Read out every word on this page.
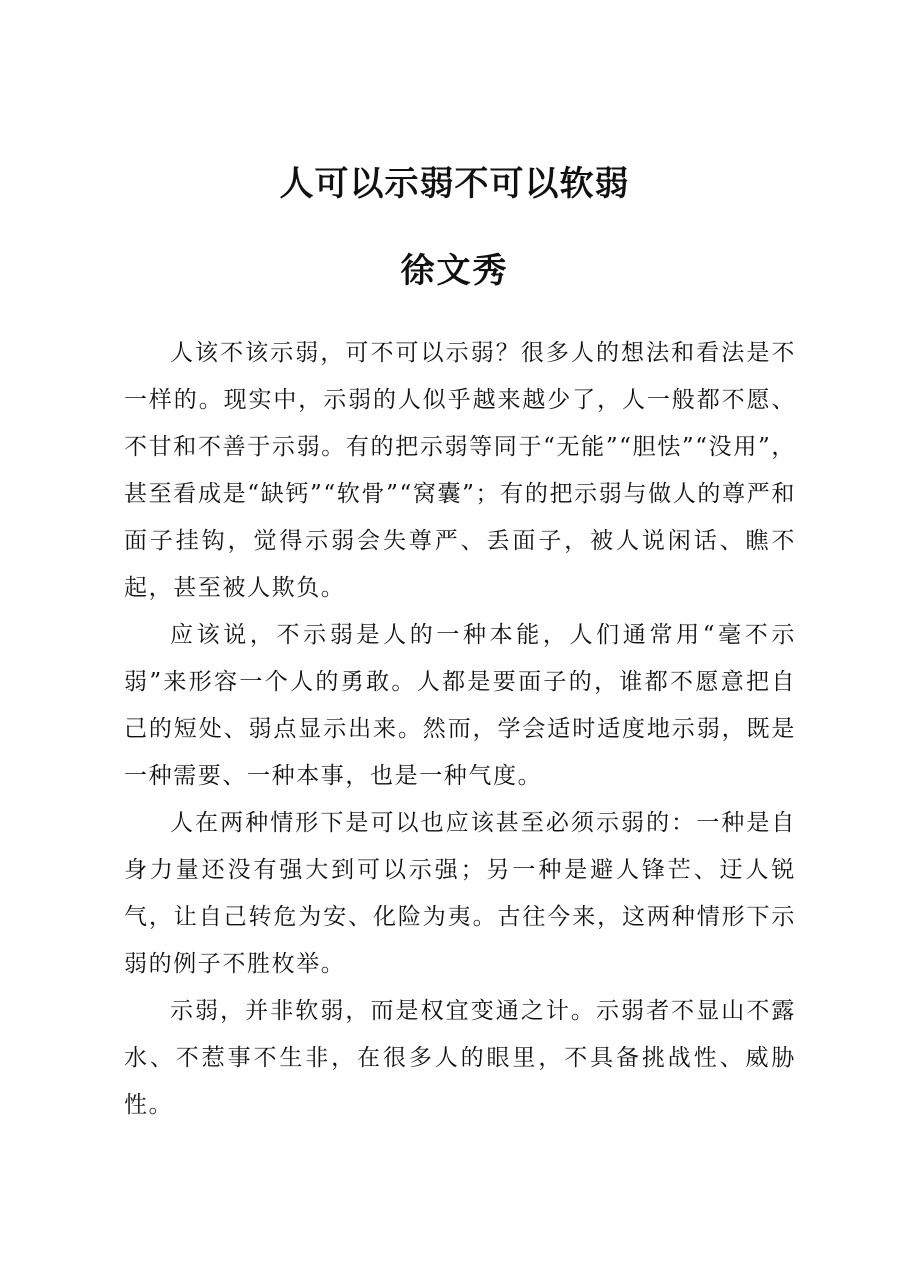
人可以示弱不可以软弱
徐文秀

人该不该示弱，可不可以示弱？很多人的想法和看法是不一样的。现实中，示弱的人似乎越来越少了，人一般都不愿、不甘和不善于示弱。有的把示弱等同于“无能”“胆怯”“没用”，甚至看成是“缺钙”“软骨”“窝囊”；有的把示弱与做人的尊严和面子挂钩，觉得示弱会失尊严、丢面子，被人说闲话、瞧不起，甚至被人欺负。

应该说，不示弱是人的一种本能，人们通常用“毫不示弱”来形容一个人的勇敢。人都是要面子的，谁都不愿意把自己的短处、弱点显示出来。然而，学会适时适度地示弱，既是一种需要、一种本事，也是一种气度。

人在两种情形下是可以也应该甚至必须示弱的：一种是自身力量还没有强大到可以示强；另一种是避人锋芒、迂人锐气，让自己转危为安、化险为夷。古往今来，这两种情形下示弱的例子不胜枚举。

示弱，并非软弱，而是权宜变通之计。示弱者不显山不露水、不惹事不生非，在很多人的眼里，不具备挑战性、威胁性。
